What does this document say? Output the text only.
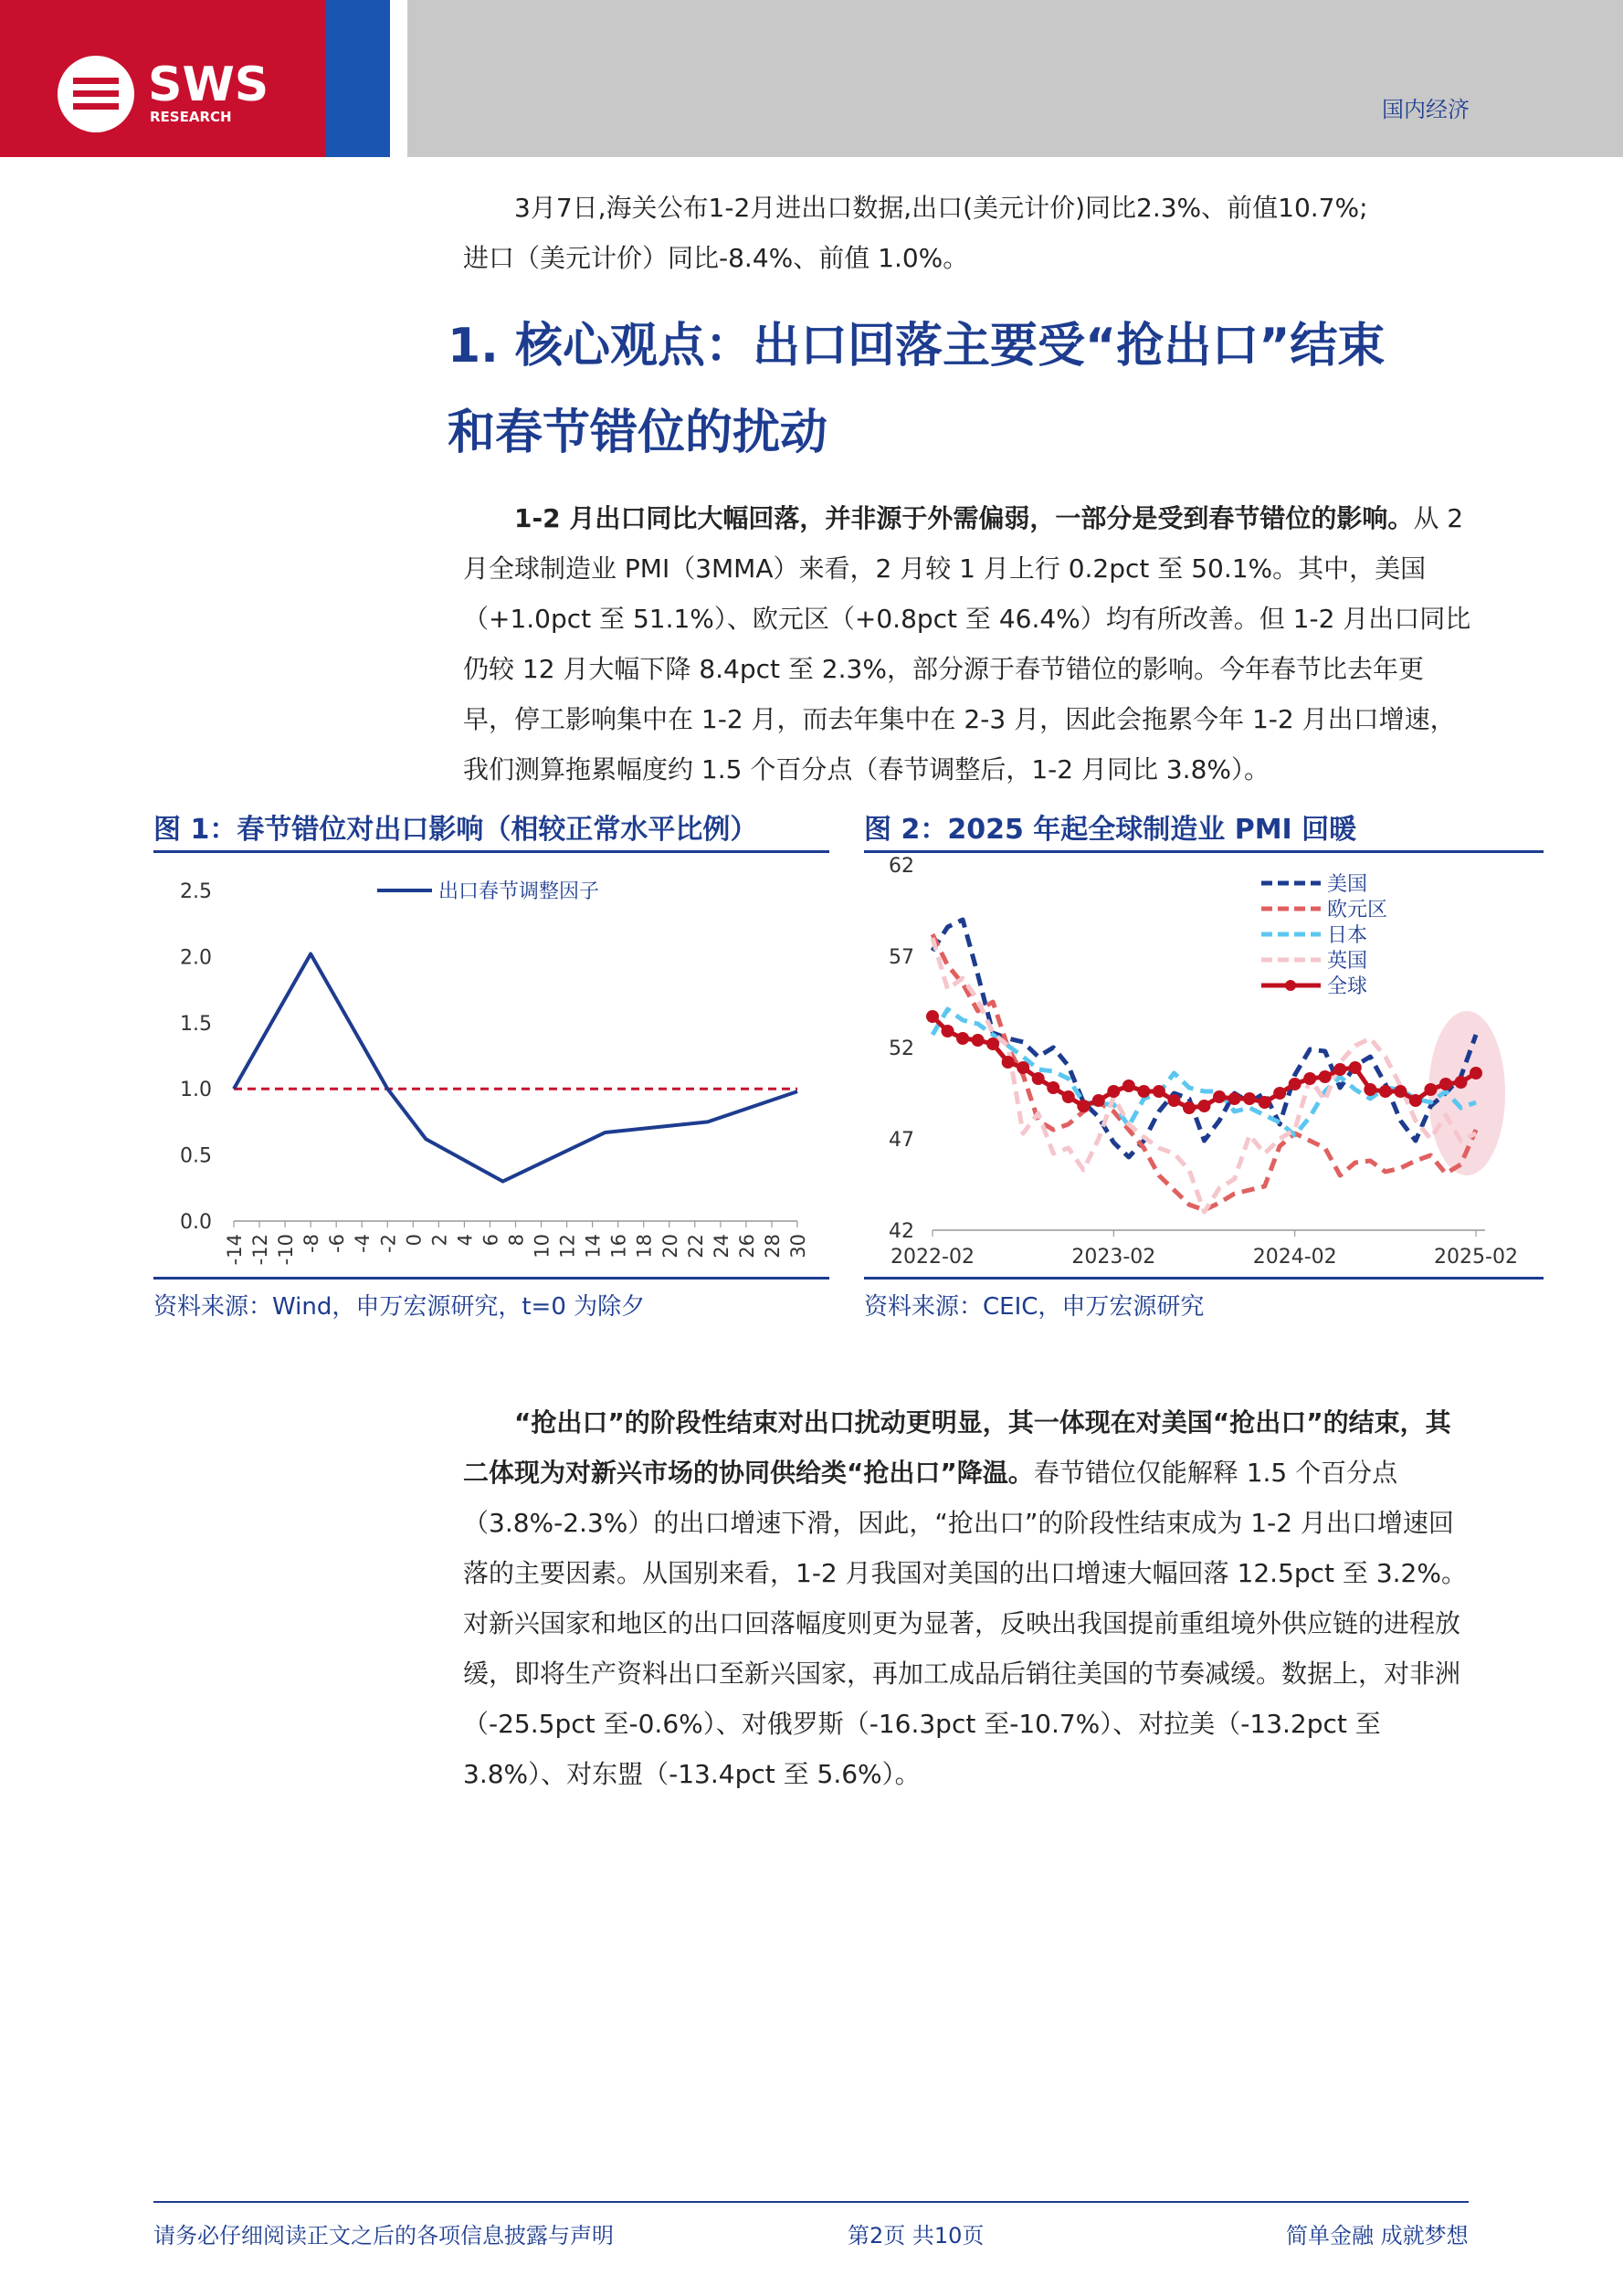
SWS
RESEARCH	国内经济

3月7日,海关公布1-2月进出口数据,出口(美元计价)同比2.3%、前值10.7%;

进口（美元计价）同比-8.4%、前值 1.0%。

1. 核心观点：出口回落主要受“抢出口”结束
和春节错位的扰动

1-2 月出口同比大幅回落，并非源于外需偏弱，一部分是受到春节错位的影响。从 2 月全球制造业 PMI（3MMA）来看，2 月较 1 月上行 0.2pct 至 50.1%。其中，美国（+1.0pct 至 51.1%）、欧元区（+0.8pct 至 46.4%）均有所改善。但 1-2 月出口同比仍较 12 月大幅下降 8.4pct 至 2.3%，部分源于春节错位的影响。今年春节比去年更早，停工影响集中在 1-2 月，而去年集中在 2-3 月，因此会拖累今年 1-2 月出口增速，我们测算拖累幅度约 1.5 个百分点（春节调整后，1-2 月同比 3.8%）。

图 1：春节错位对出口影响（相较正常水平比例）
0.0
0.5
1.0
1.5
2.0
2.5
-14 -12 -10 -8 -6 -4 -2 0 2 4 6 8 10 12 14 16 18 20 22 24 26 28 30
出口春节调整因子
资料来源：Wind，申万宏源研究，t=0 为除夕
图 2：2025 年起全球制造业 PMI 回暖
42
47
52
57
62
2022-02	2023-02	2024-02	2025-02
美国
欧元区
日本
英国
全球
资料来源：CEIC，申万宏源研究

“抢出口”的阶段性结束对出口扰动更明显，其一体现在对美国“抢出口”的结束，其二体现为对新兴市场的协同供给类“抢出口”降温。春节错位仅能解释 1.5 个百分点（3.8%-2.3%）的出口增速下滑，因此，“抢出口”的阶段性结束成为 1-2 月出口增速回落的主要因素。从国别来看，1-2 月我国对美国的出口增速大幅回落 12.5pct 至 3.2%。对新兴国家和地区的出口回落幅度则更为显著，反映出我国提前重组境外供应链的进程放缓，即将生产资料出口至新兴国家，再加工成品后销往美国的节奏减缓。数据上，对非洲（-25.5pct 至-0.6%）、对俄罗斯（-16.3pct 至-10.7%）、对拉美（-13.2pct 至 3.8%）、对东盟（-13.4pct 至 5.6%）。

请务必仔细阅读正文之后的各项信息披露与声明	第2页 共10页	简单金融 成就梦想
